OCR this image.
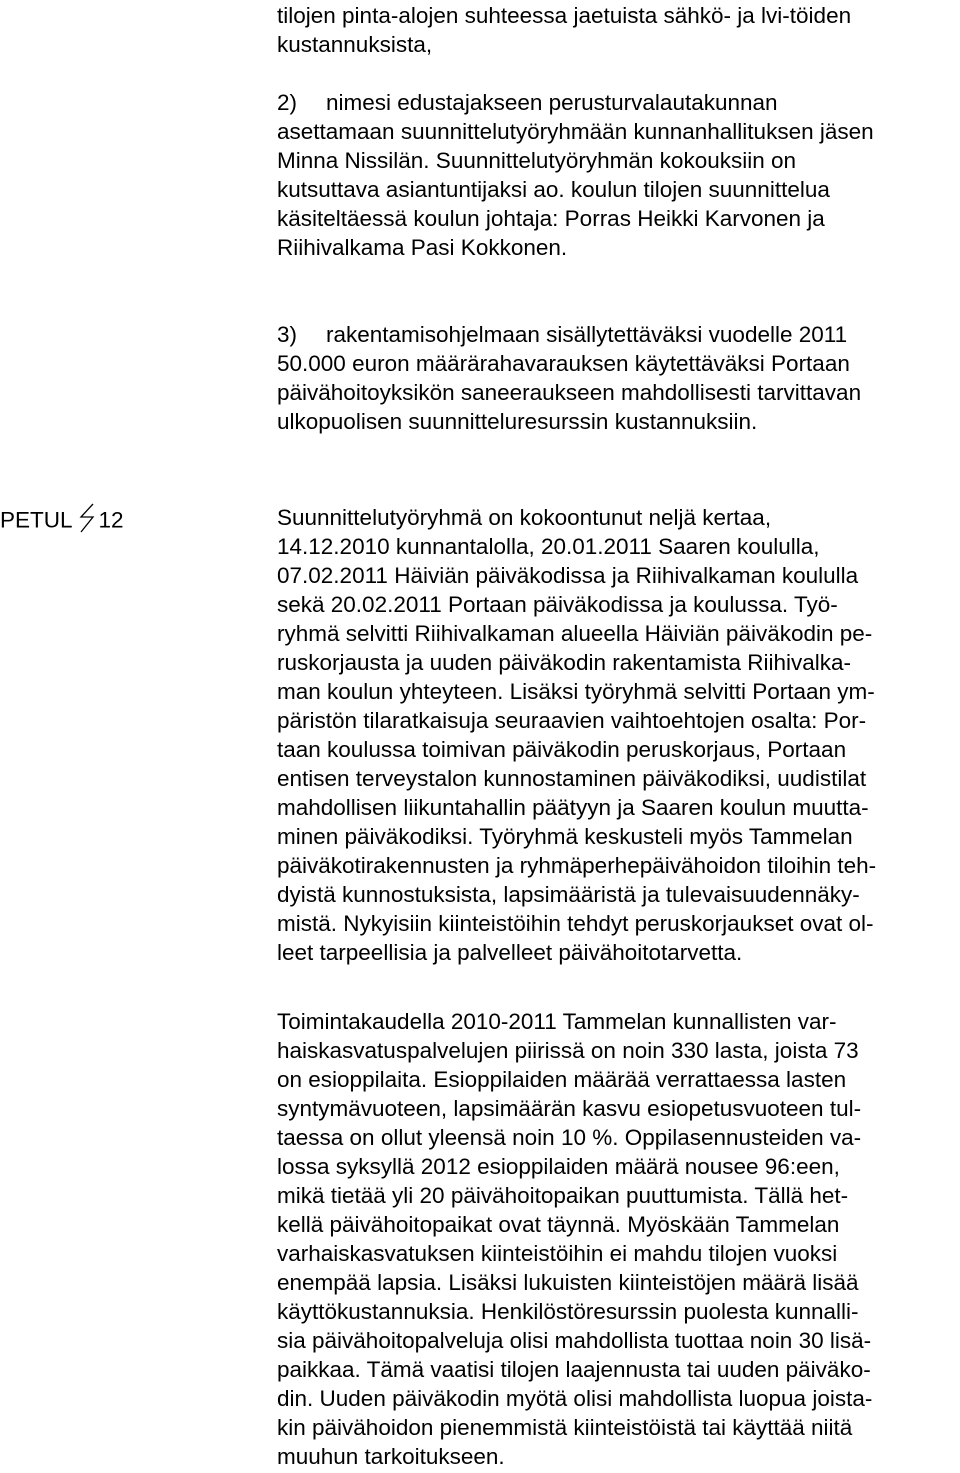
tilojen pinta-alojen suhteessa jaetuista sähkö- ja lvi-töiden
kustannuksista,
2) nimesi edustajakseen perusturvalautakunnan
asettamaan suunnittelutyöryhmään kunnanhallituksen jäsen
Minna Nissilän. Suunnittelutyöryhmän kokouksiin on
kutsuttava asiantuntijaksi ao. koulun tilojen suunnittelua
käsiteltäessä koulun johtaja: Porras Heikki Karvonen ja
Riihivalkama Pasi Kokkonen.
3) rakentamisohjelmaan sisällytettäväksi vuodelle 2011
50.000 euron määrärahavarauksen käytettäväksi Portaan
päivähoitoyksikön saneeraukseen mahdollisesti tarvittavan
ulkopuolisen suunnitteluresurssin kustannuksiin.
PETUL 12	Suunnittelutyöryhmä on kokoontunut neljä kertaa,
14.12.2010 kunnantalolla, 20.01.2011 Saaren koululla,
07.02.2011 Häiviän päiväkodissa ja Riihivalkaman koululla
sekä 20.02.2011 Portaan päiväkodissa ja koulussa. Työ-
ryhmä selvitti Riihivalkaman alueella Häiviän päiväkodin pe-
ruskorjausta ja uuden päiväkodin rakentamista Riihivalka-
man koulun yhteyteen. Lisäksi työryhmä selvitti Portaan ym-
päristön tilaratkaisuja seuraavien vaihtoehtojen osalta: Por-
taan koulussa toimivan päiväkodin peruskorjaus, Portaan
entisen terveystalon kunnostaminen päiväkodiksi, uudistilat
mahdollisen liikuntahallin päätyyn ja Saaren koulun muutta-
minen päiväkodiksi. Työryhmä keskusteli myös Tammelan
päiväkotirakennusten ja ryhmäperhepäivähoidon tiloihin teh-
dyistä kunnostuksista, lapsimääristä ja tulevaisuudennäky-
mistä. Nykyisiin kiinteistöihin tehdyt peruskorjaukset ovat ol-
leet tarpeellisia ja palvelleet päivähoitotarvetta.
Toimintakaudella 2010-2011 Tammelan kunnallisten var-
haiskasvatuspalvelujen piirissä on noin 330 lasta, joista 73
on esioppilaita. Esioppilaiden määrää verrattaessa lasten
syntymävuoteen, lapsimäärän kasvu esiopetusvuoteen tul-
taessa on ollut yleensä noin 10 %. Oppilasennusteiden va-
lossa syksyllä 2012 esioppilaiden määrä nousee 96:een,
mikä tietää yli 20 päivähoitopaikan puuttumista. Tällä het-
kellä päivähoitopaikat ovat täynnä. Myöskään Tammelan
varhaiskasvatuksen kiinteistöihin ei mahdu tilojen vuoksi
enempää lapsia. Lisäksi lukuisten kiinteistöjen määrä lisää
käyttökustannuksia. Henkilöstöresurssin puolesta kunnalli-
sia päivähoitopalveluja olisi mahdollista tuottaa noin 30 lisä-
paikkaa. Tämä vaatisi tilojen laajennusta tai uuden päiväko-
din. Uuden päiväkodin myötä olisi mahdollista luopua joista-
kin päivähoidon pienemmistä kiinteistöistä tai käyttää niitä
muuhun tarkoitukseen.
